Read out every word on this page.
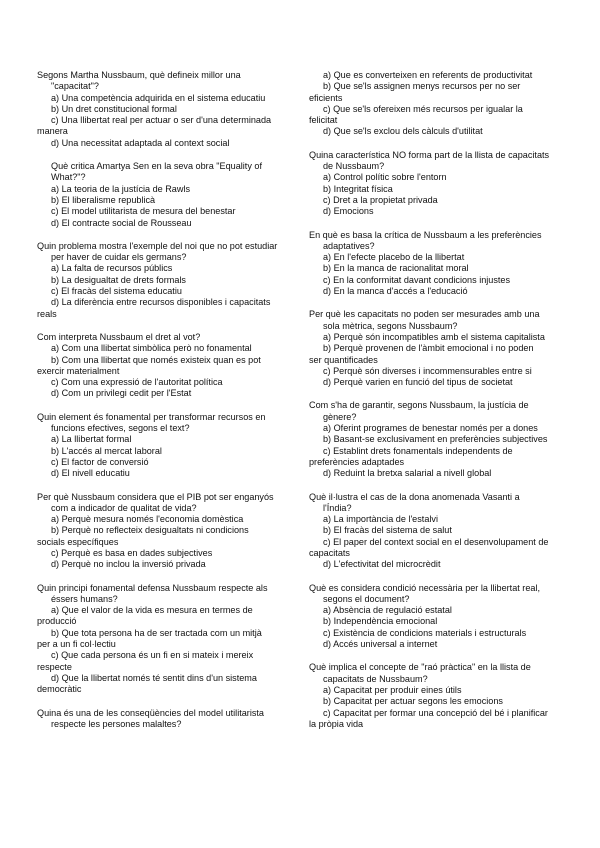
Segons Martha Nussbaum, què defineix millor una
"capacitat"?
a) Una competència adquirida en el sistema educatiu
b) Un dret constitucional formal
c) Una llibertat real per actuar o ser d'una determinada
manera
d) Una necessitat adaptada al context social
Què critica Amartya Sen en la seva obra "Equality of
What?"?
a) La teoria de la justícia de Rawls
b) El liberalisme republicà
c) El model utilitarista de mesura del benestar
d) El contracte social de Rousseau
Quin problema mostra l'exemple del noi que no pot estudiar
per haver de cuidar els germans?
a) La falta de recursos públics
b) La desigualtat de drets formals
c) El fracàs del sistema educatiu
d) La diferència entre recursos disponibles i capacitats
reals
Com interpreta Nussbaum el dret al vot?
a) Com una llibertat simbòlica però no fonamental
b) Com una llibertat que només existeix quan es pot
exercir materialment
c) Com una expressió de l'autoritat política
d) Com un privilegi cedit per l'Estat
Quin element és fonamental per transformar recursos en
funcions efectives, segons el text?
a) La llibertat formal
b) L'accés al mercat laboral
c) El factor de conversió
d) El nivell educatiu
Per què Nussbaum considera que el PIB pot ser enganyós
com a indicador de qualitat de vida?
a) Perquè mesura només l'economia domèstica
b) Perquè no reflecteix desigualtats ni condicions
socials específiques
c) Perquè es basa en dades subjectives
d) Perquè no inclou la inversió privada
Quin principi fonamental defensa Nussbaum respecte als
éssers humans?
a) Que el valor de la vida es mesura en termes de
producció
b) Que tota persona ha de ser tractada com un mitjà
per a un fi col·lectiu
c) Que cada persona és un fi en si mateix i mereix
respecte
d) Que la llibertat només té sentit dins d'un sistema
democràtic
Quina és una de les conseqüències del model utilitarista
respecte les persones malaltes?
a) Que es converteixen en referents de productivitat
b) Que se'ls assignen menys recursos per no ser
eficients
c) Que se'ls ofereixen més recursos per igualar la
felicitat
d) Que se'ls exclou dels càlculs d'utilitat
Quina característica NO forma part de la llista de capacitats
de Nussbaum?
a) Control polític sobre l'entorn
b) Integritat física
c) Dret a la propietat privada
d) Emocions
En què es basa la crítica de Nussbaum a les preferències
adaptatives?
a) En l'efecte placebo de la llibertat
b) En la manca de racionalitat moral
c) En la conformitat davant condicions injustes
d) En la manca d'accés a l'educació
Per què les capacitats no poden ser mesurades amb una
sola mètrica, segons Nussbaum?
a) Perquè són incompatibles amb el sistema capitalista
b) Perquè provenen de l'àmbit emocional i no poden
ser quantificades
c) Perquè són diverses i incommensurables entre si
d) Perquè varien en funció del tipus de societat
Com s'ha de garantir, segons Nussbaum, la justícia de
gènere?
a) Oferint programes de benestar només per a dones
b) Basant-se exclusivament en preferències subjectives
c) Establint drets fonamentals independents de
preferències adaptades
d) Reduint la bretxa salarial a nivell global
Què il·lustra el cas de la dona anomenada Vasanti a
l'Índia?
a) La importància de l'estalvi
b) El fracàs del sistema de salut
c) El paper del context social en el desenvolupament de
capacitats
d) L'efectivitat del microcrèdit
Què es considera condició necessària per la llibertat real,
segons el document?
a) Absència de regulació estatal
b) Independència emocional
c) Existència de condicions materials i estructurals
d) Accés universal a internet
Què implica el concepte de "raó pràctica" en la llista de
capacitats de Nussbaum?
a) Capacitat per produir eines útils
b) Capacitat per actuar segons les emocions
c) Capacitat per formar una concepció del bé i planificar
la pròpia vida
